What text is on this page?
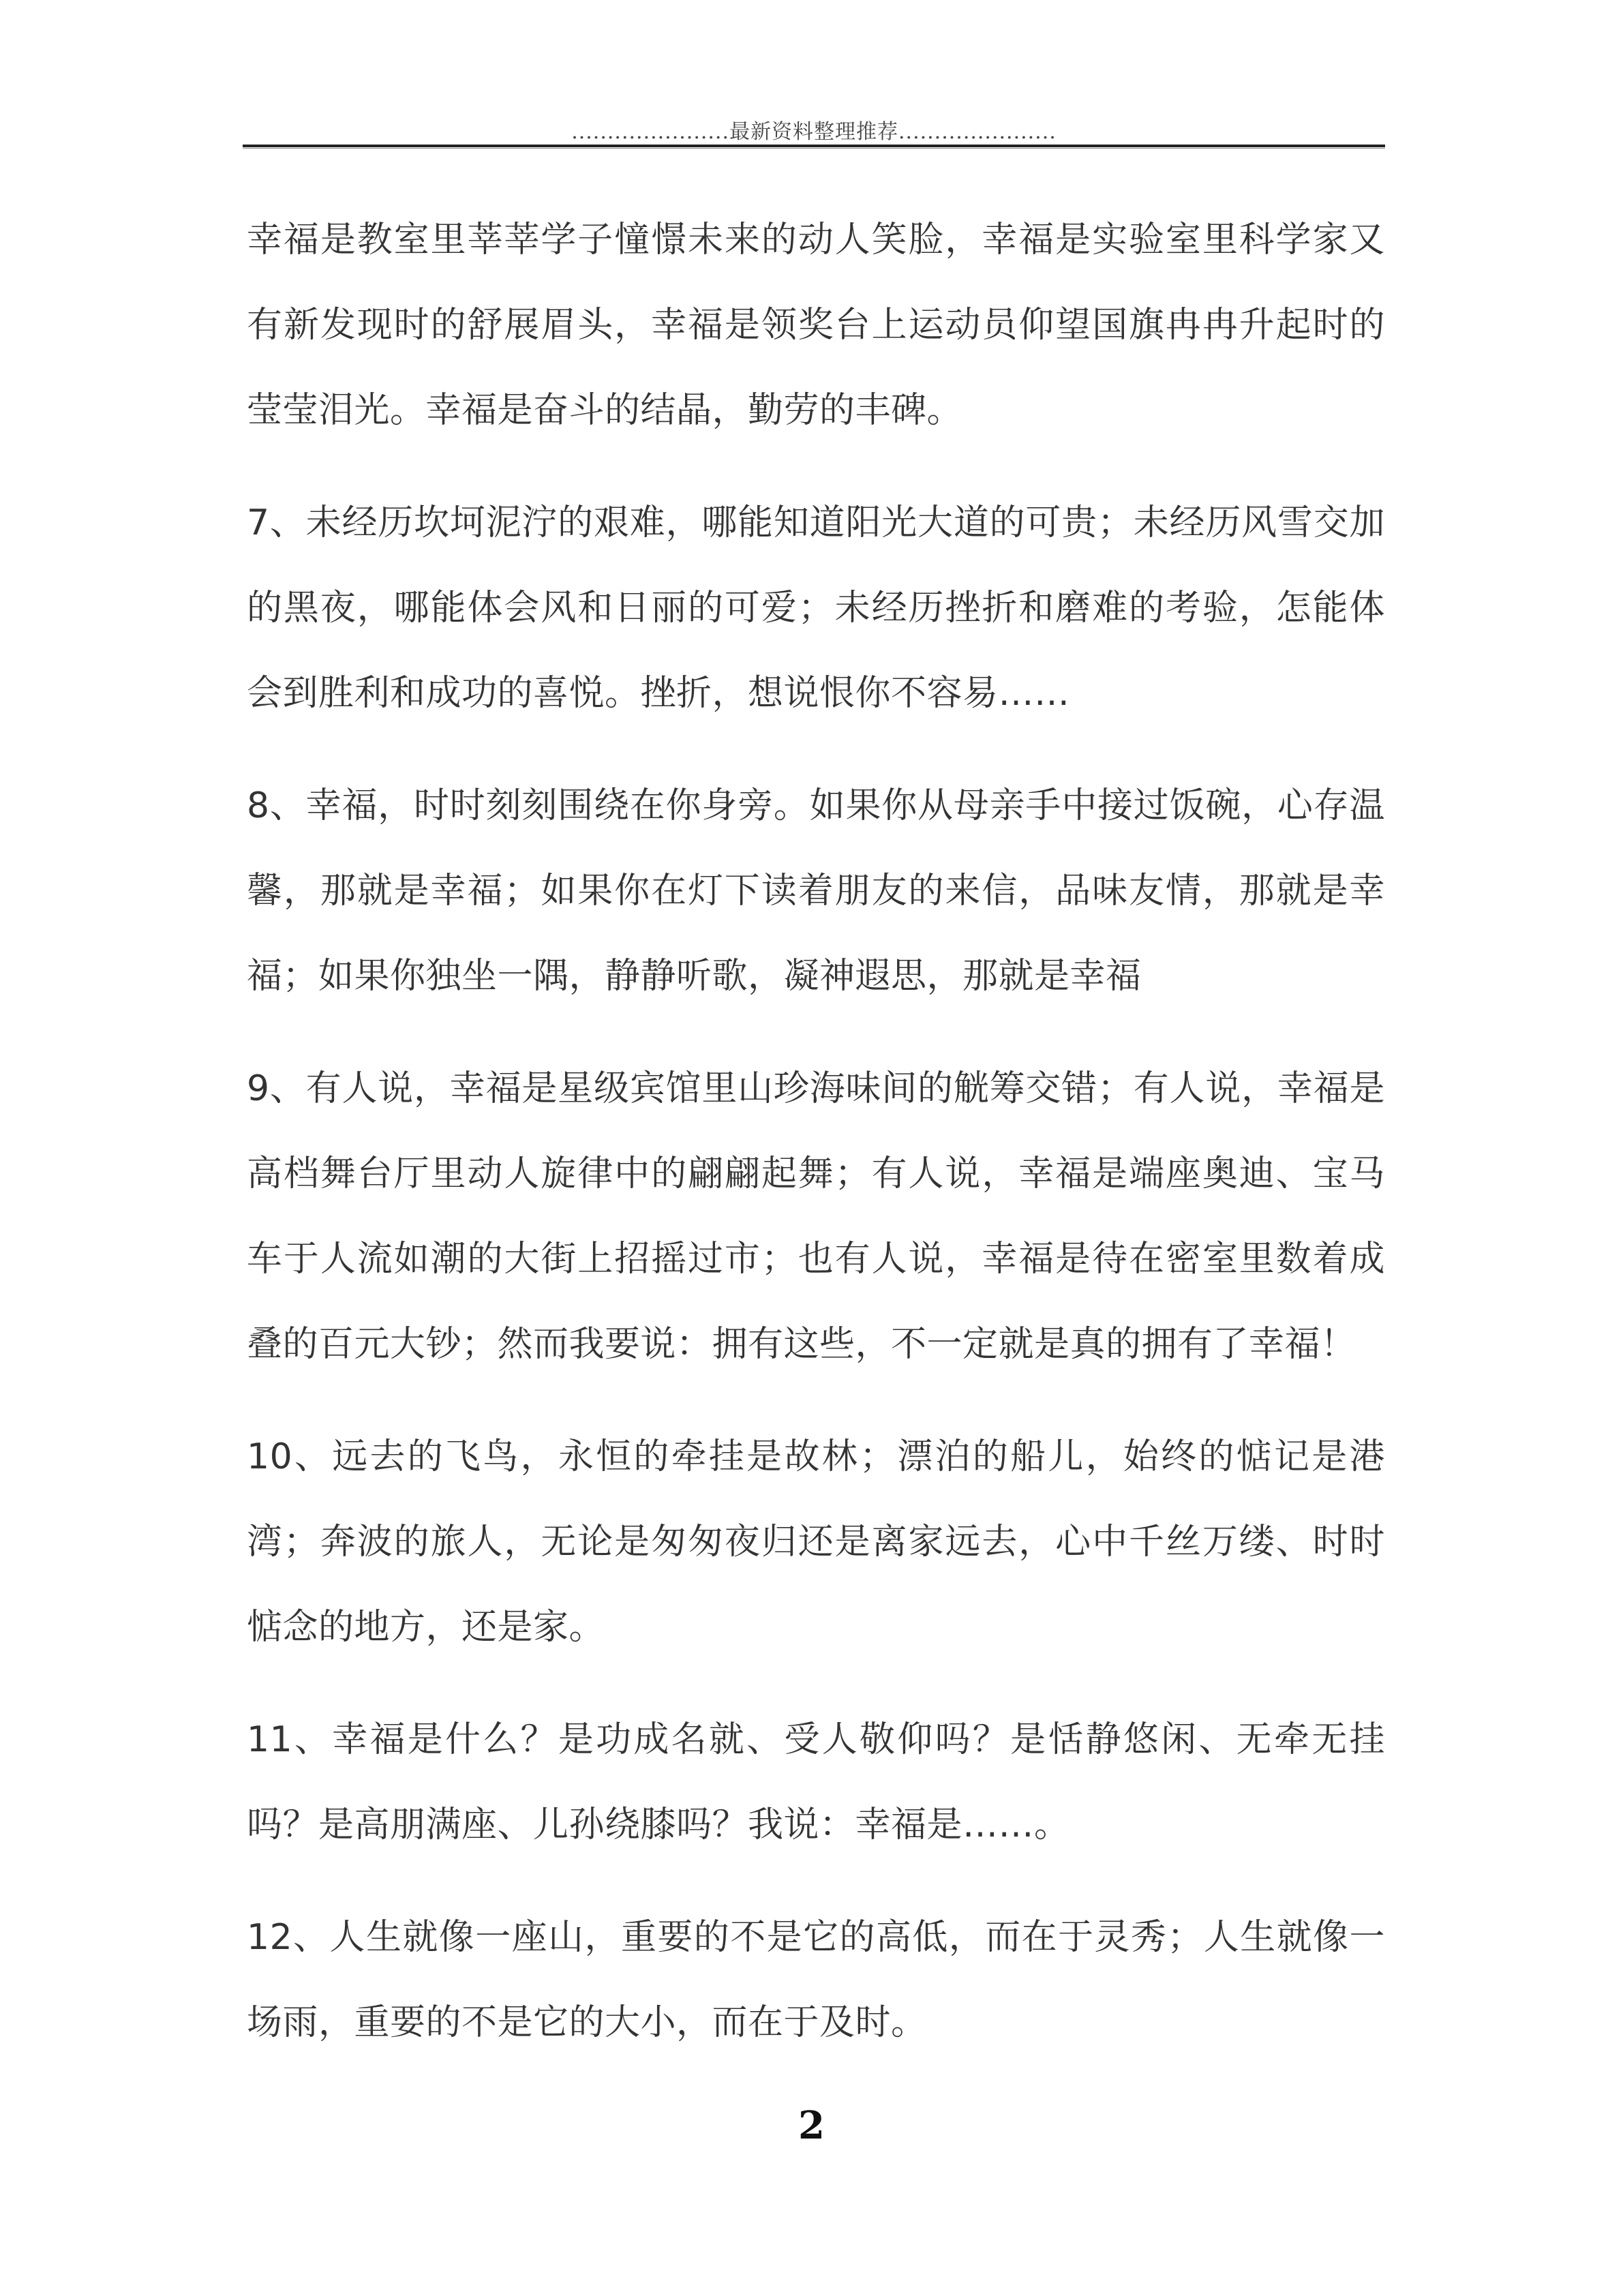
......................最新资料整理推荐......................

幸福是教室里莘莘学子憧憬未来的动人笑脸，幸福是实验室里科学家又有新发现时的舒展眉头，幸福是领奖台上运动员仰望国旗冉冉升起时的莹莹泪光。幸福是奋斗的结晶，勤劳的丰碑。

7、未经历坎坷泥泞的艰难，哪能知道阳光大道的可贵；未经历风雪交加的黑夜，哪能体会风和日丽的可爱；未经历挫折和磨难的考验，怎能体会到胜利和成功的喜悦。挫折，想说恨你不容易……

8、幸福，时时刻刻围绕在你身旁。如果你从母亲手中接过饭碗，心存温馨，那就是幸福；如果你在灯下读着朋友的来信，品味友情，那就是幸福；如果你独坐一隅，静静听歌，凝神遐思，那就是幸福

9、有人说，幸福是星级宾馆里山珍海味间的觥筹交错；有人说，幸福是高档舞台厅里动人旋律中的翩翩起舞；有人说，幸福是端座奥迪、宝马车于人流如潮的大街上招摇过市；也有人说，幸福是待在密室里数着成叠的百元大钞；然而我要说：拥有这些，不一定就是真的拥有了幸福！

10、远去的飞鸟，永恒的牵挂是故林；漂泊的船儿，始终的惦记是港湾；奔波的旅人，无论是匆匆夜归还是离家远去，心中千丝万缕、时时惦念的地方，还是家。

11、幸福是什么？是功成名就、受人敬仰吗？是恬静悠闲、无牵无挂吗？是高朋满座、儿孙绕膝吗？我说：幸福是……。

12、人生就像一座山，重要的不是它的高低，而在于灵秀；人生就像一场雨，重要的不是它的大小，而在于及时。

2
